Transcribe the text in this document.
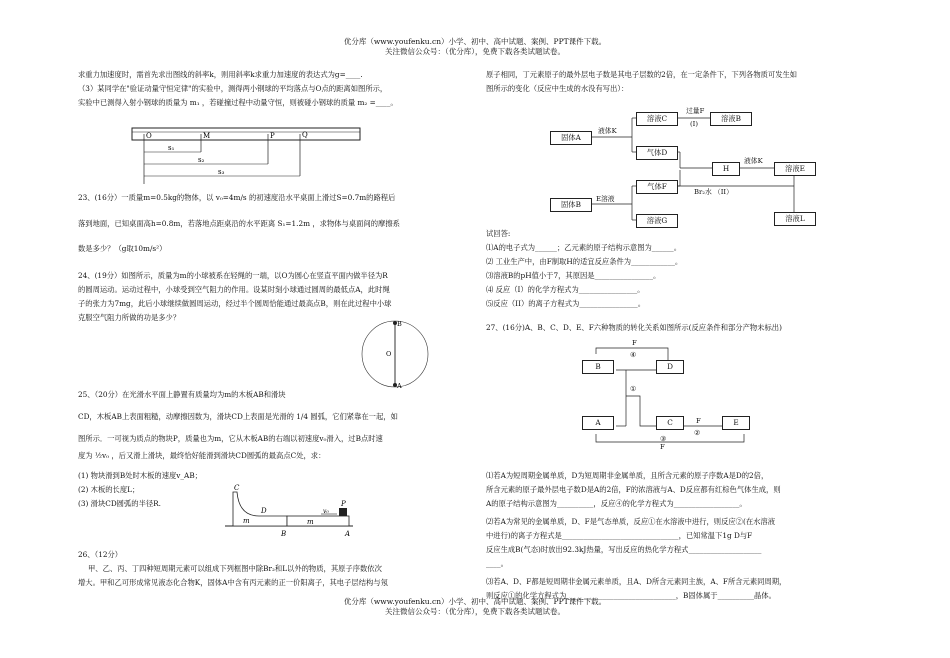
优分库（www.youfenku.cn）小学、初中、高中试题、案例、PPT课件下载。
关注微信公众号：（优分库），免费下载各类试题试卷。
求重力加速度时，需首先求出图线的斜率k，则用斜率k求重力加速度的表达式为g=____.
（3）某同学在"验证动量守恒定律"的实验中，测得两小钢球的平均落点与O点的距离如图所示，
实验中已测得入射小钢球的质量为 m₁ ，若碰撞过程中动量守恒，则被碰小钢球的质量 m₂ =____。
O	M	P	Q
s₁
s₂
s₃
23、(16分）一质量m=0.5kg的物体，以 v₀=4m/s 的初速度沿水平桌面上滑过S=0.7m的路程后
落到地面，已知桌面高h=0.8m，若落地点距桌沿的水平距离 S₁=1.2m ，求物体与桌面间的摩擦系
数是多少？（g取10m/s²）
24、(19分）如图所示，质量为m的小球被系在轻绳的一端，以O为圆心在竖直平面内做半径为R
的圆周运动。运动过程中，小球受到空气阻力的作用。设某时刻小球通过圆周的最低点A，此时绳
子的张力为7mg，此后小球继续做圆周运动，经过半个圆周恰能通过最高点B，则在此过程中小球
克服空气阻力所做的功是多少？
B
O
A
25、（20分）在光滑水平面上静置有质量均为m的木板AB和滑块
CD，木板AB上表面粗糙，动摩擦因数为，滑块CD上表面是光滑的 1/4 圆弧，它们紧靠在一起，如
图所示．一可视为质点的物块P，质量也为m，它从木板AB的右端以初速度v₀滑入，过B点时速
度为 ½v₀ ，后又滑上滑块，最终恰好能滑到滑块CD圆弧的最高点C处，求：
(1) 物块滑到B处时木板的速度v_AB；
(2) 木板的长度L；
(3) 滑块CD圆弧的半径R.
C
D
m	m
B	A
P
v₀
26、（12分）
甲、乙、丙、丁四种短周期元素可以组成下列框图中除Br₂和L以外的物质，其原子序数依次
增大。甲和乙可形成常见液态化合物K，固体A中含有丙元素的正一价阳离子，其电子层结构与氖
原子相同，丁元素原子的最外层电子数是其电子层数的2倍，在一定条件下，下列各物质可发生如
图所示的变化（反应中生成的水没有写出）：
固体A
溶液C	溶液B
气体D
H	溶液E
固体B
气体F
溶液G	溶液L
液体K
过量F
(I)
液体K
E溶液
Br₂水 （II）
试回答:
⑴A的电子式为______；乙元素的原子结构示意图为______。
⑵ 工业生产中，由F制取H的适宜反应条件为____________。
⑶溶液B的pH值小于7，其原因是________________。
⑷ 反应（I）的化学方程式为________________。
⑸反应（II）的离子方程式为________________。
27、(16分)A、B、C、D、E、F六种物质的转化关系如图所示(反应条件和部分产物未标出)
B	D
A	C	E
F
④
①
F
②
③
F
⑴若A为短周期金属单质，D为短周期非金属单质，且所含元素的原子序数A是D的2倍，
所含元素的原子最外层电子数D是A的2倍，F的浓溶液与A、D反应都有红棕色气体生成，则
A的原子结构示意图为__________，反应④的化学方程式为__________________。
⑵若A为常见的金属单质，D、F是气态单质，反应①在水溶液中进行，则反应②(在水溶液
中进行)的离子方程式是________________________________，已知常温下1g D与F
反应生成B(气态)时放出92.3kJ热量，写出反应的热化学方程式____________________
____。
⑶若A、D、F都是短周期非金属元素单质，且A、D所含元素同主族，A、F所含元素同周期，
则反应①的化学方程式为______________________________，B固体属于__________晶体。
优分库（www.youfenku.cn）小学、初中、高中试题、案例、PPT课件下载。
关注微信公众号：（优分库），免费下载各类试题试卷。
